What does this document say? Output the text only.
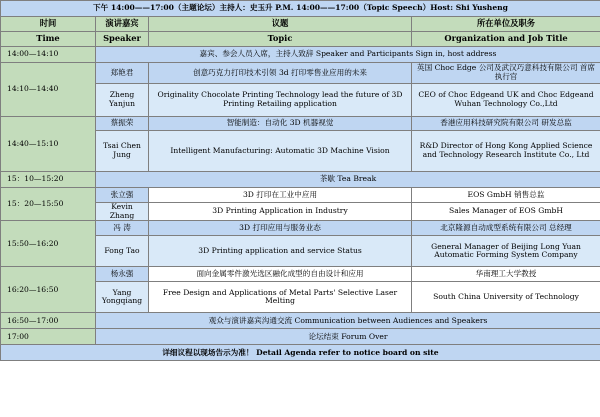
下午 14:00——17:00（主题论坛）主持人：史玉升 P.M. 14:00——17:00（Topic Speech）Host: Shi Yusheng			
时间	演讲嘉宾	议题	所在单位及职务
Time	Speaker	Topic	Organization and Job Title
14:00—14:10	嘉宾、参会人员入席，主持人致辞 Speaker and Participants Sign in, host address		
14:10—14:40	郑艳君	创意巧克力打印技术引领 3d 打印零售业应用的未来	英国 Choc Edge 公司及武汉巧意科技有限公司 首席执行官
	Zheng Yanjun	Originality Chocolate Printing Technology lead the future of 3D Printing Retailing application	CEO of Choc Edgeand UK and Choc Edgeand Wuhan Technology Co.,Ltd
14:40—15:10	蔡振荣	智能制造：自动化 3D 机器视觉	香港应用科技研究院有限公司 研发总监
	Tsai Chen Jung	Intelligent Manufacturing: Automatic 3D Machine Vision	R&D Director of Hong Kong Applied Science and Technology Research Institute Co., Ltd
15：10—15:20	茶歇 Tea Break		
15：20—15:50	张立强	3D 打印在工业中应用	EOS GmbH 销售总监
	Kevin Zhang	3D Printing Application in Industry	Sales Manager of EOS GmbH
15:50—16:20	冯 涛	3D 打印应用与服务业态	北京隆源自动成型系统有限公司 总经理
	Fong Tao	3D Printing application and service Status	General Manager of Beijing Long Yuan Automatic Forming System Company
16:20—16:50	杨永强	面向金属零件激光选区融化成型的自由设计和应用	华南理工大学教授
	Yang Yongqiang	Free Design and Applications of Metal Parts' Selective Laser Melting	South China University of Technology
16:50—17:00	观众与演讲嘉宾沟通交流 Communication between Audiences and Speakers		
17:00	论坛结束 Forum Over		
详细议程以现场告示为准！ Detail Agenda refer to notice board on site			
